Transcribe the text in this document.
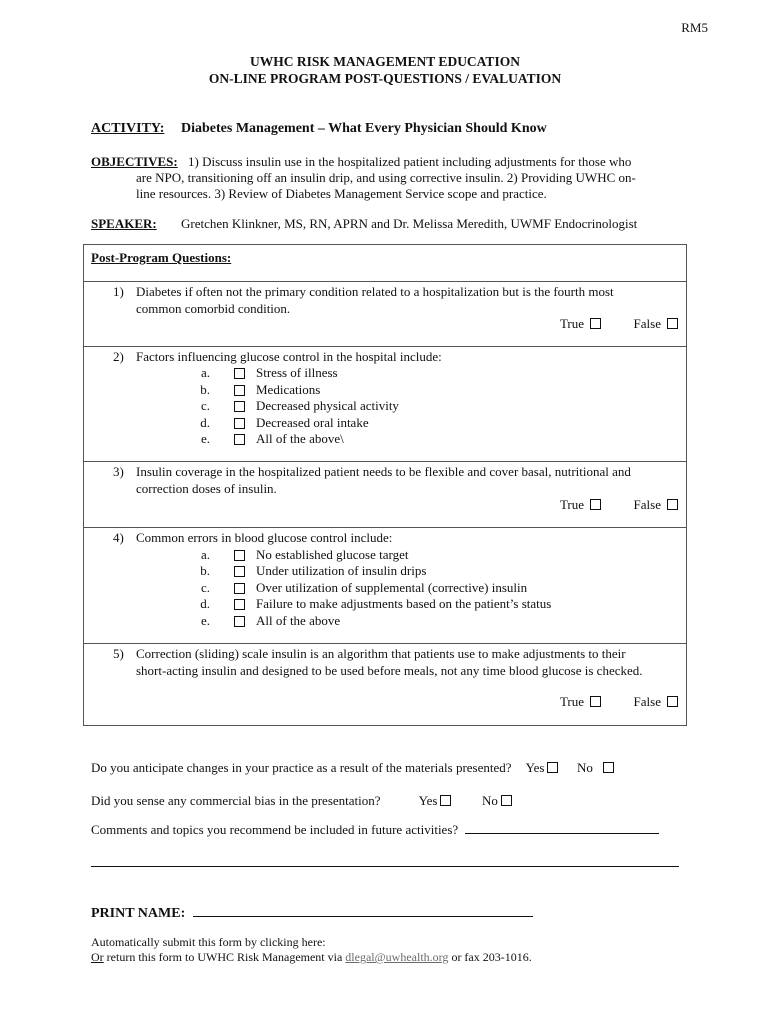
RM5
UWHC RISK MANAGEMENT EDUCATION
ON-LINE PROGRAM POST-QUESTIONS / EVALUATION
ACTIVITY: Diabetes Management – What Every Physician Should Know
OBJECTIVES: 1) Discuss insulin use in the hospitalized patient including adjustments for those who
are NPO, transitioning off an insulin drip, and using corrective insulin. 2) Providing UWHC on-
line resources. 3) Review of Diabetes Management Service scope and practice.
SPEAKER: Gretchen Klinkner, MS, RN, APRN and Dr. Melissa Meredith, UWMF Endocrinologist
Post-Program Questions:
1) Diabetes if often not the primary condition related to a hospitalization but is the fourth most
common comorbid condition.
True	False
2) Factors influencing glucose control in the hospital include:
a.	Stress of illness
b.	Medications
c.	Decreased physical activity
d.	Decreased oral intake
e.	All of the above\
3) Insulin coverage in the hospitalized patient needs to be flexible and cover basal, nutritional and
correction doses of insulin.
True	False
4) Common errors in blood glucose control include:
a.	No established glucose target
b.	Under utilization of insulin drips
c.	Over utilization of supplemental (corrective) insulin
d.	Failure to make adjustments based on the patient’s status
e.	All of the above
5) Correction (sliding) scale insulin is an algorithm that patients use to make adjustments to their
short-acting insulin and designed to be used before meals, not any time blood glucose is checked.
True	False
Do you anticipate changes in your practice as a result of the materials presented? Yes	No
Did you sense any commercial bias in the presentation?	Yes	No
Comments and topics you recommend be included in future activities?
PRINT NAME:
Automatically submit this form by clicking here:
Or return this form to UWHC Risk Management via dlegal@uwhealth.org or fax 203-1016.
